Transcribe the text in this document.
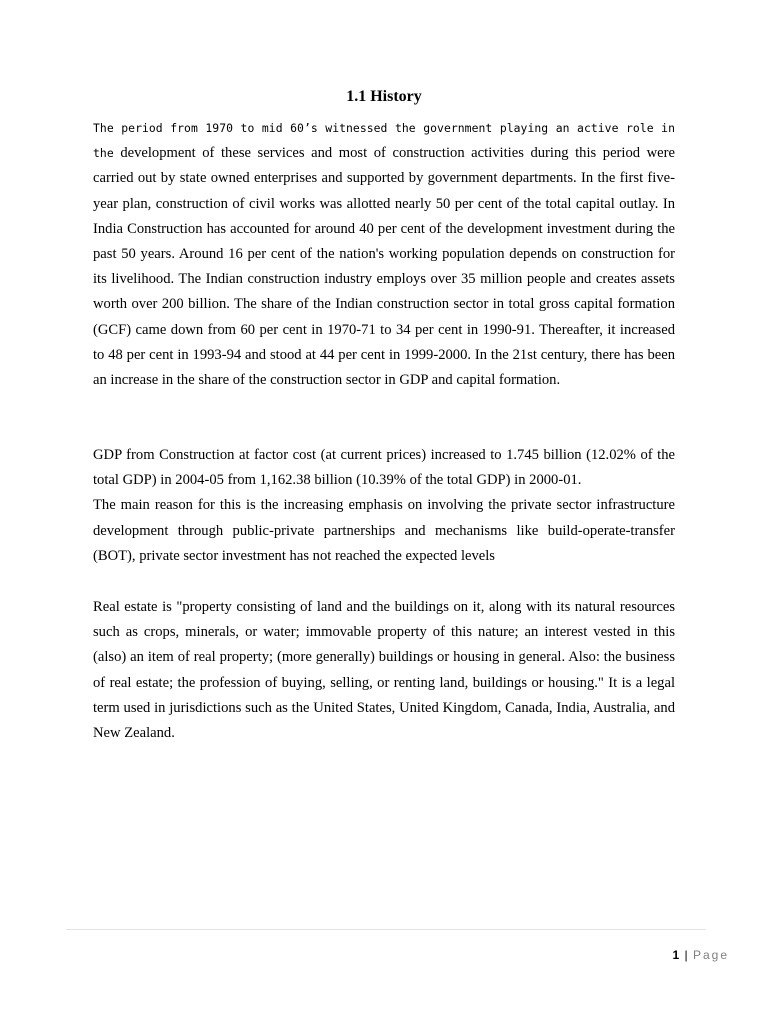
1.1 History

The period from 1970 to mid 60’s witnessed the government playing an active role in the development of these services and most of construction activities during this period were carried out by state owned enterprises and supported by government departments. In the first five-year plan, construction of civil works was allotted nearly 50 per cent of the total capital outlay. In India Construction has accounted for around 40 per cent of the development investment during the past 50 years. Around 16 per cent of the nation's working population depends on construction for its livelihood. The Indian construction industry employs over 35 million people and creates assets worth over 200 billion. The share of the Indian construction sector in total gross capital formation (GCF) came down from 60 per cent in 1970-71 to 34 per cent in 1990-91. Thereafter, it increased to 48 per cent in 1993-94 and stood at 44 per cent in 1999-2000. In the 21st century, there has been an increase in the share of the construction sector in GDP and capital formation.

GDP from Construction at factor cost (at current prices) increased to 1.745 billion (12.02% of the total GDP) in 2004-05 from 1,162.38 billion (10.39% of the total GDP) in 2000-01.
The main reason for this is the increasing emphasis on involving the private sector infrastructure development through public-private partnerships and mechanisms like build-operate-transfer (BOT), private sector investment has not reached the expected levels

Real estate is "property consisting of land and the buildings on it, along with its natural resources such as crops, minerals, or water; immovable property of this nature; an interest vested in this (also) an item of real property; (more generally) buildings or housing in general. Also: the business of real estate; the profession of buying, selling, or renting land, buildings or housing." It is a legal term used in jurisdictions such as the United States, United Kingdom, Canada, India, Australia, and New Zealand.

1 | Page
